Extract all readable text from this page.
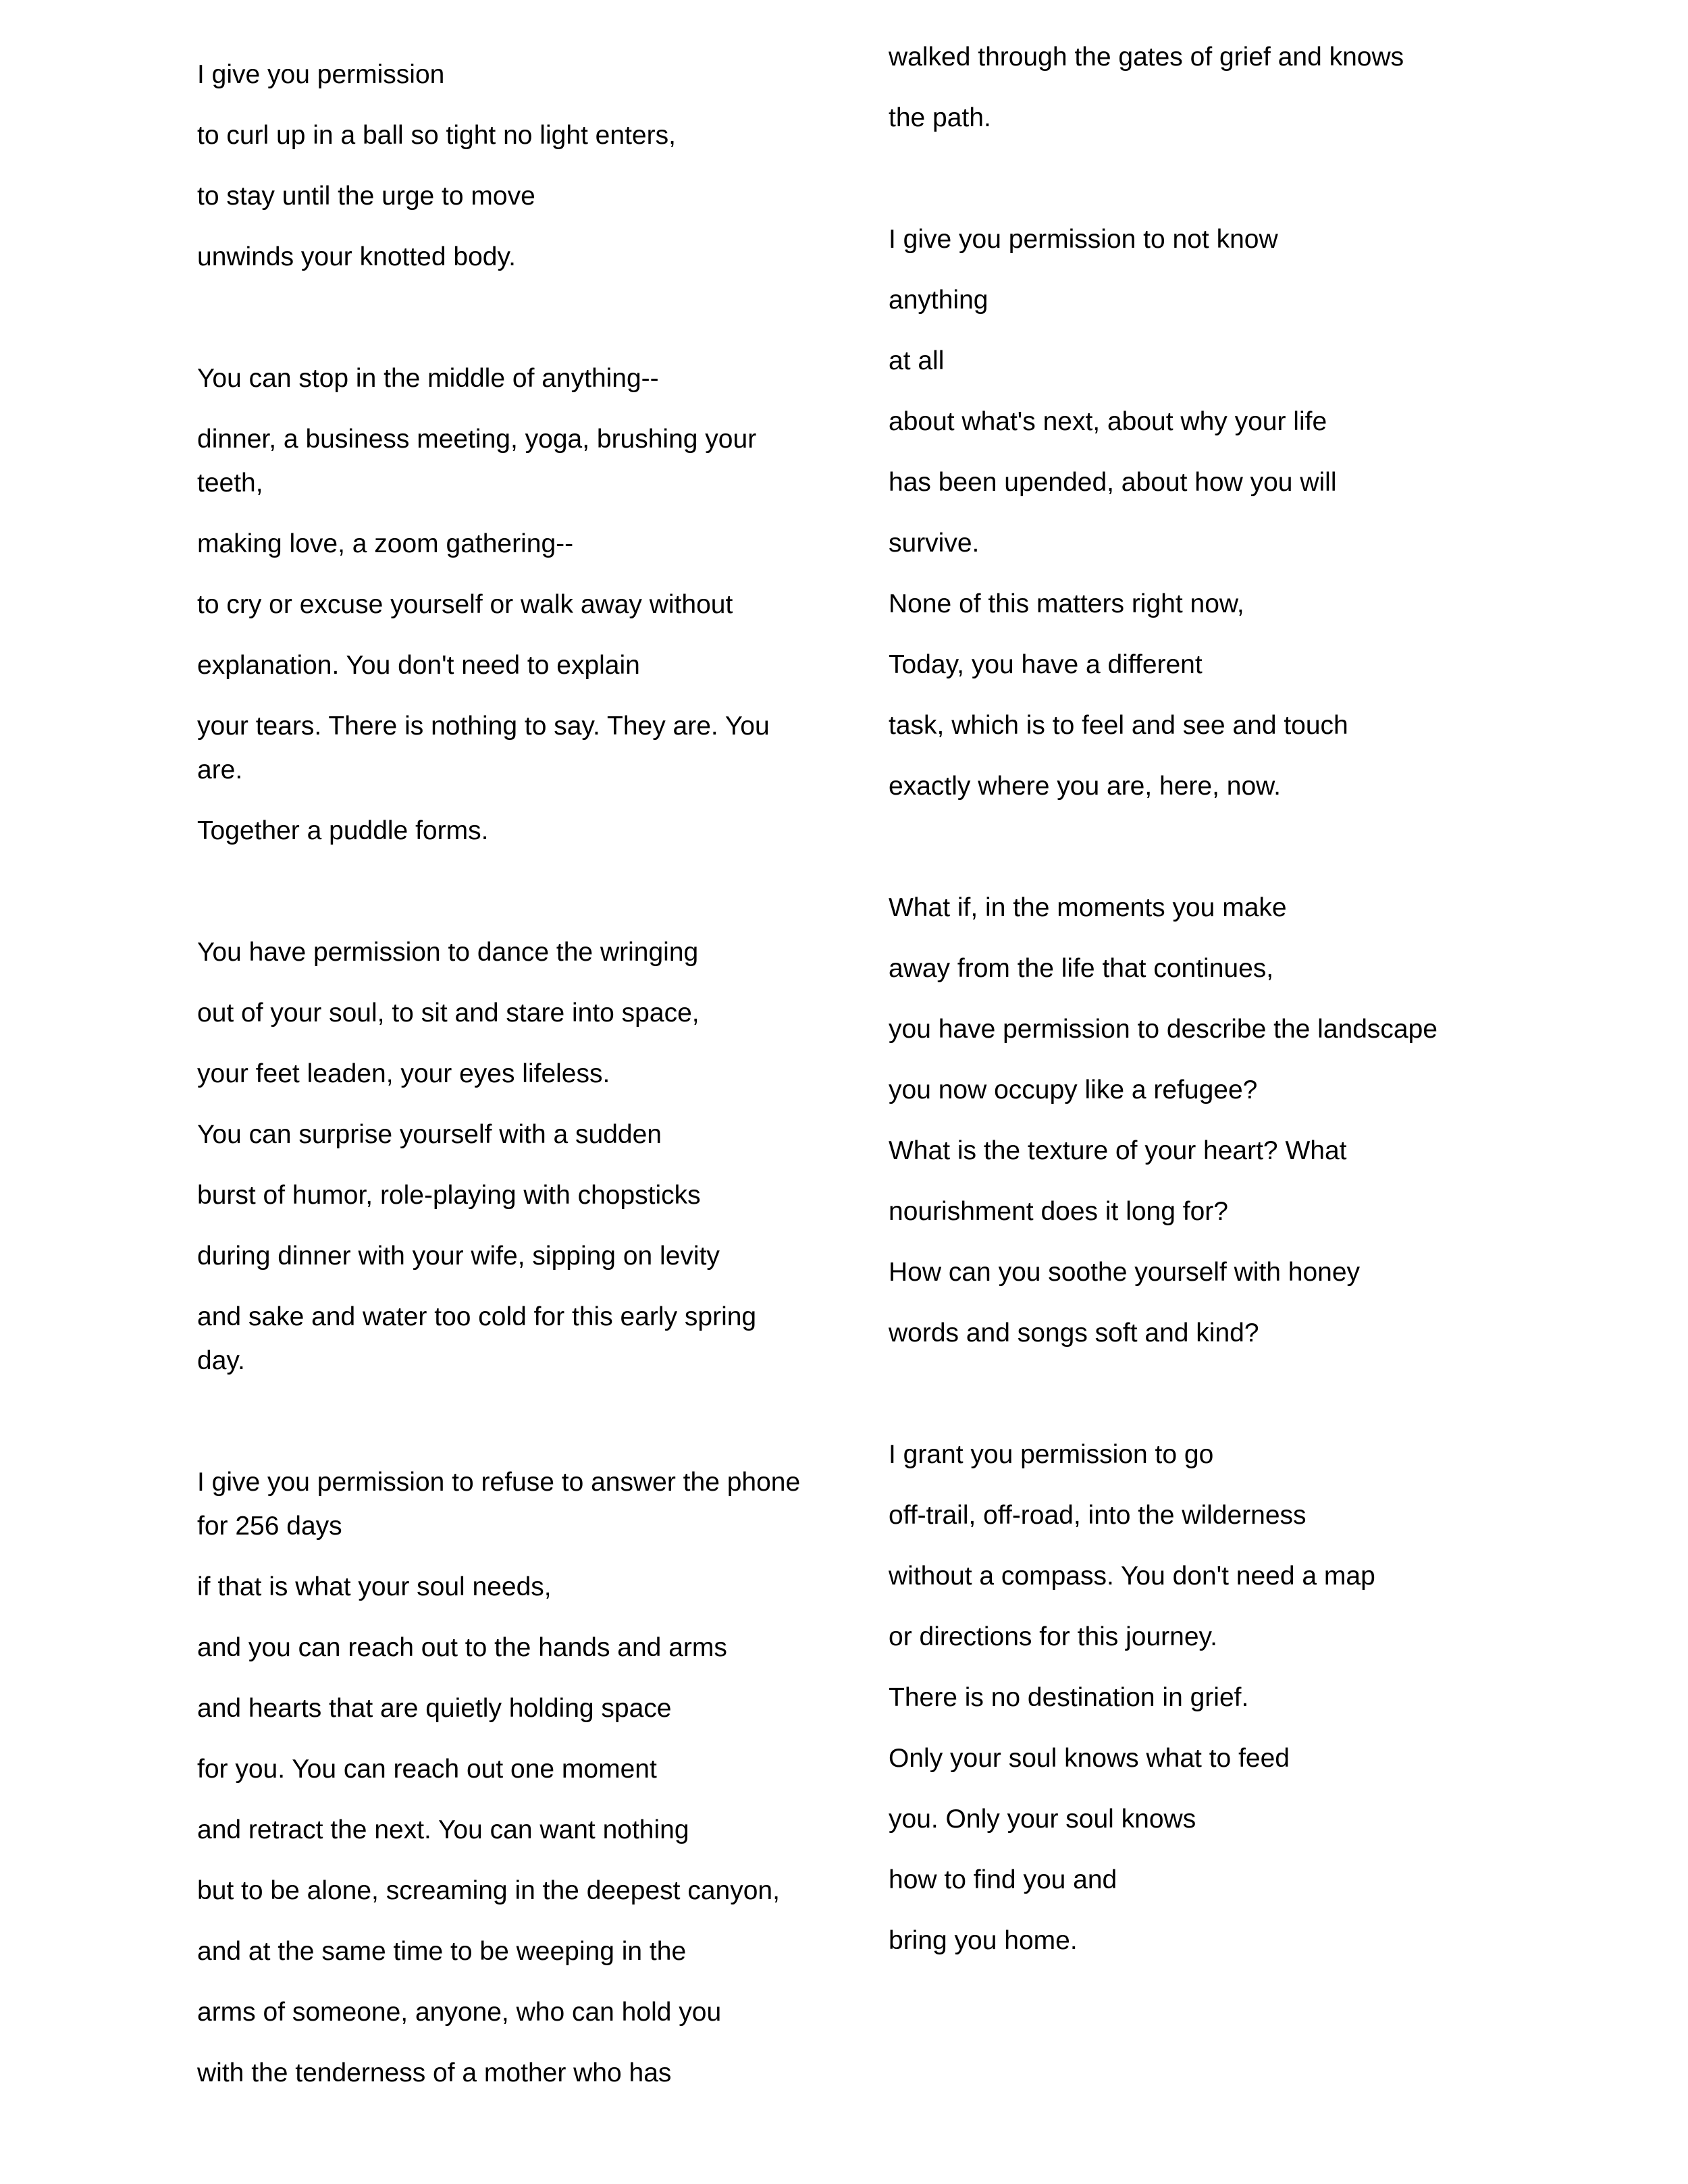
I give you permission
to curl up in a ball so tight no light enters,
to stay until the urge to move
unwinds your knotted body.
You can stop in the middle of anything--
dinner, a business meeting, yoga, brushing your teeth,
making love, a zoom gathering--
to cry or excuse yourself or walk away without
explanation. You don't need to explain
your tears. There is nothing to say. They are. You are.
Together a puddle forms.
You have permission to dance the wringing
out of your soul, to sit and stare into space,
your feet leaden, your eyes lifeless.
You can surprise yourself with a sudden
burst of humor, role-playing with chopsticks
during dinner with your wife, sipping on levity
and sake and water too cold for this early spring day.
I give you permission to refuse to answer the phone for 256 days
if that is what your soul needs,
and you can reach out to the hands and arms
and hearts that are quietly holding space
for you. You can reach out one moment
and retract the next. You can want nothing
but to be alone, screaming in the deepest canyon,
and at the same time to be weeping in the
arms of someone, anyone, who can hold you
with the tenderness of a mother who has
walked through the gates of grief and knows
the path.
I give you permission to not know
anything
at all
about what's next, about why your life
has been upended, about how you will
survive.
None of this matters right now,
Today, you have a different
task, which is to feel and see and touch
exactly where you are, here, now.
What if, in the moments you make
away from the life that continues,
you have permission to describe the landscape
you now occupy like a refugee?
What is the texture of your heart? What
nourishment does it long for?
How can you soothe yourself with honey
words and songs soft and kind?
I grant you permission to go
off-trail, off-road, into the wilderness
without a compass. You don't need a map
or directions for this journey.
There is no destination in grief.
Only your soul knows what to feed
you. Only your soul knows
how to find you and
bring you home.
